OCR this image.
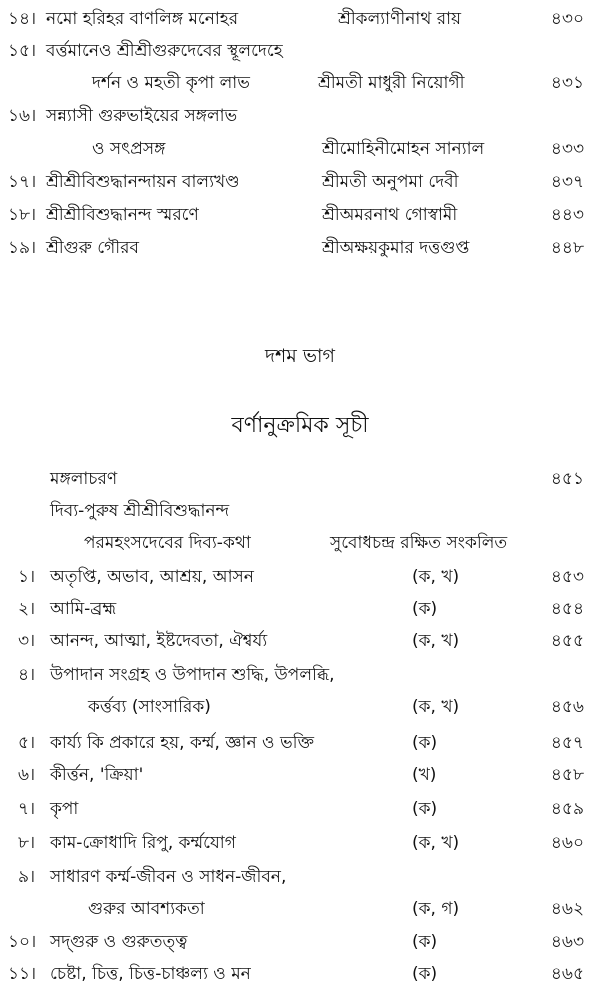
১৪। নমো হরিহর বাণলিঙ্গ মনোহর	শ্রীকল্যাণীনাথ রায়	৪৩০
১৫। বর্ত্তমানেও শ্রীশ্রীগুরুদেবের স্থূলদেহে
দর্শন ও মহতী কৃপা লাভ	শ্রীমতী মাধুরী নিয়োগী	৪৩১
১৬। সন্ন্যাসী গুরুভাইয়ের সঙ্গলাভ
ও সৎপ্রসঙ্গ	শ্রীমোহিনীমোহন সান্যাল	৪৩৩
১৭। শ্রীশ্রীবিশুদ্ধানন্দায়ন বাল্যখণ্ড	শ্রীমতী অনুপমা দেবী	৪৩৭
১৮। শ্রীশ্রীবিশুদ্ধানন্দ স্মরণে	শ্রীঅমরনাথ গোস্বামী	৪৪৩
১৯। শ্রীগুরু গৌরব	শ্রীঅক্ষয়কুমার দত্তগুপ্ত	৪৪৮
দশম ভাগ
বর্ণানুক্রমিক সূচী
মঙ্গলাচরণ	৪৫১
দিব্য-পুরুষ শ্রীশ্রীবিশুদ্ধানন্দ
পরমহংসদেবের দিব্য-কথা	সুবোধচন্দ্র রক্ষিত সংকলিত
১। অতৃপ্তি, অভাব, আশ্রয়, আসন	(ক, খ)	৪৫৩
২। আমি-ব্রহ্ম	(ক)	৪৫৪
৩। আনন্দ, আত্মা, ইষ্টদেবতা, ঐশ্বর্য্য	(ক, খ)	৪৫৫
৪। উপাদান সংগ্রহ ও উপাদান শুদ্ধি, উপলব্ধি,
কর্ত্তব্য (সাংসারিক)	(ক, খ)	৪৫৬
৫। কার্য্য কি প্রকারে হয়, কর্ম্ম, জ্ঞান ও ভক্তি	(ক)	৪৫৭
৬। কীর্ত্তন, 'ক্রিয়া'	(খ)	৪৫৮
৭। কৃপা	(ক)	৪৫৯
৮। কাম-ক্রোধাদি রিপু, কর্ম্মযোগ	(ক, খ)	৪৬০
৯। সাধারণ কর্ম্ম-জীবন ও সাধন-জীবন,
গুরুর আবশ্যকতা	(ক, গ)	৪৬২
১০। সদ্গুরু ও গুরুতত্ত্ব	(ক)	৪৬৩
১১। চেষ্টা, চিত্ত, চিত্ত-চাঞ্চল্য ও মন	(ক)	৪৬৫
